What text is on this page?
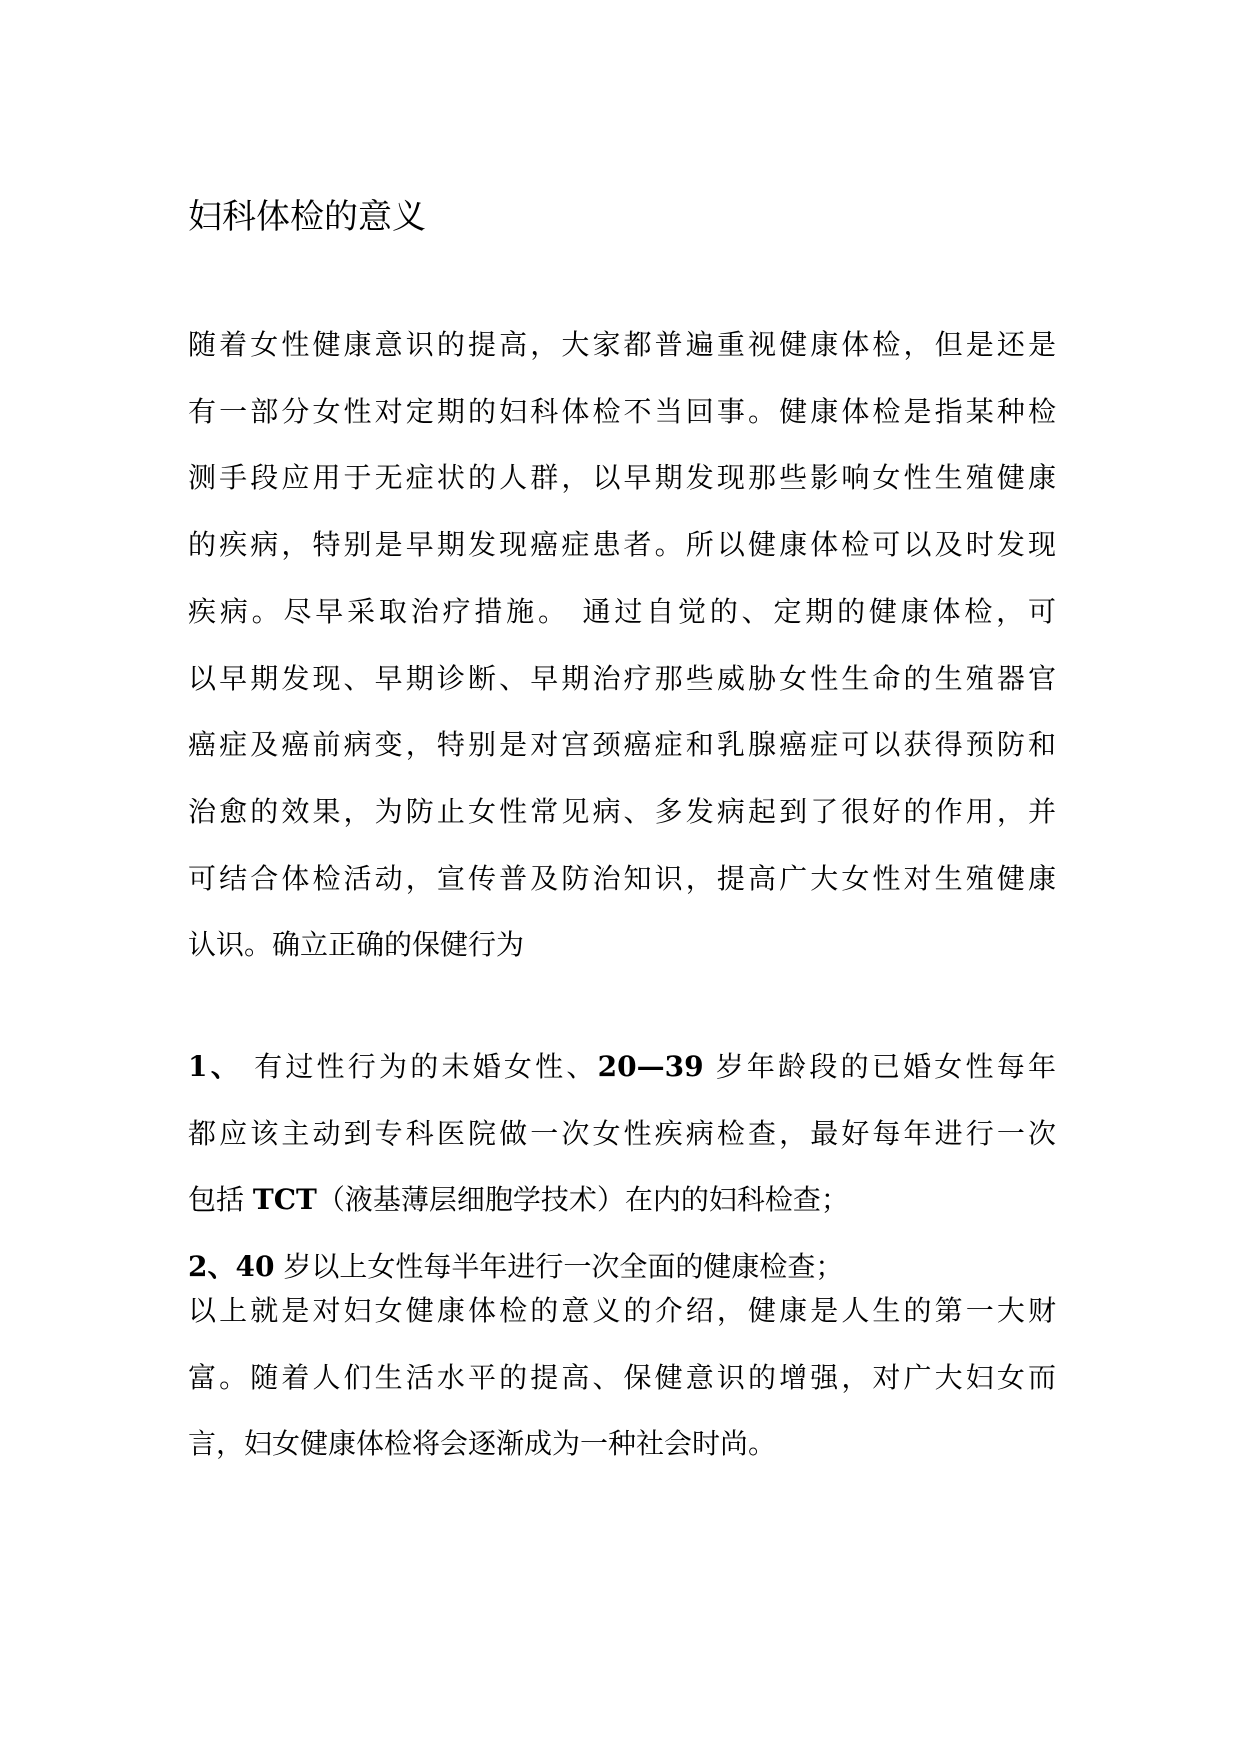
妇科体检的意义
随着女性健康意识的提高，大家都普遍重视健康体检，但是还是
有一部分女性对定期的妇科体检不当回事。健康体检是指某种检
测手段应用于无症状的人群，以早期发现那些影响女性生殖健康
的疾病，特别是早期发现癌症患者。所以健康体检可以及时发现
疾病。尽早采取治疗措施。 通过自觉的、定期的健康体检，可
以早期发现、早期诊断、早期治疗那些威胁女性生命的生殖器官
癌症及癌前病变，特别是对宫颈癌症和乳腺癌症可以获得预防和
治愈的效果，为防止女性常见病、多发病起到了很好的作用，并
可结合体检活动，宣传普及防治知识，提高广大女性对生殖健康
认识。确立正确的保健行为
1、 有过性行为的未婚女性、20—39 岁年龄段的已婚女性每年
都应该主动到专科医院做一次女性疾病检查，最好每年进行一次
包括 TCT（液基薄层细胞学技术）在内的妇科检查；
2、40 岁以上女性每半年进行一次全面的健康检查；
以上就是对妇女健康体检的意义的介绍，健康是人生的第一大财
富。随着人们生活水平的提高、保健意识的增强，对广大妇女而
言，妇女健康体检将会逐渐成为一种社会时尚。
